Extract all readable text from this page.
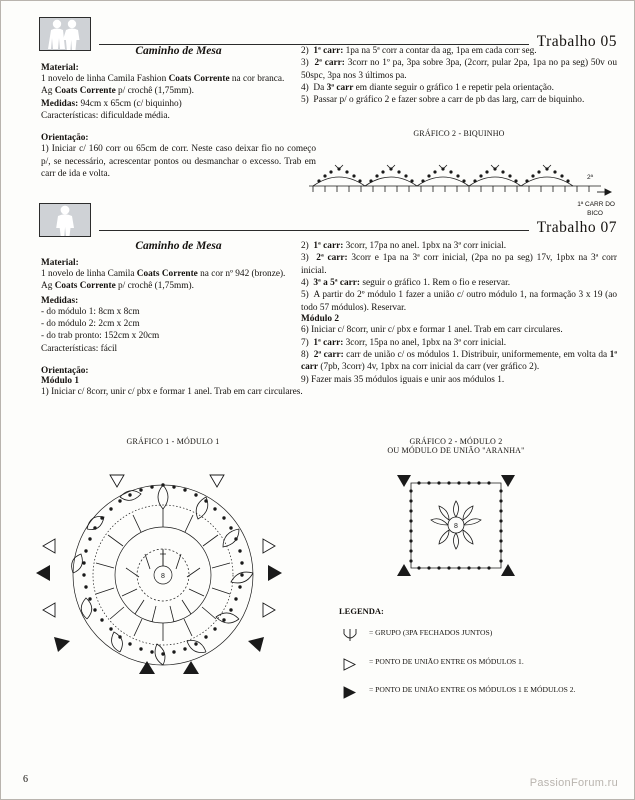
Trabalho 05
Caminho de Mesa
Material:
1 novelo de linha Camila Fashion Coats Corrente na cor branca.
Ag Coats Corrente p/ crochê (1,75mm).
Medidas: 94cm x 65cm (c/ biquinho)
Características: dificuldade média.
Orientação:
1) Iniciar c/ 160 corr ou 65cm de corr. Neste caso deixar fio no começo p/, se necessário, acrescentar pontos ou desmanchar o excesso. Trab em carr de ida e volta.
2)  1ª carr: 1pa na 5ª corr a contar da ag, 1pa em cada corr seg.
3)  2ª carr: 3corr no 1º pa, 3pa sobre 3pa, (2corr, pular 2pa, 1pa no pa seg) 50v ou 50spc, 3pa nos 3 últimos pa.
4)  Da 3ª carr em diante seguir o gráfico 1 e repetir pela orientação.
5)  Passar p/ o gráfico 2 e fazer sobre a carr de pb das larg, carr de biquinho.
GRÁFICO 2 - BIQUINHO
2ª
1ª CARR DO
BICO
Trabalho 07
Caminho de Mesa
Material:
1 novelo de linha Camila Coats Corrente na cor nº 942 (bronze).
Ag Coats Corrente p/ crochê (1,75mm).
Medidas:
- do módulo 1: 8cm x 8cm
- do módulo 2: 2cm x 2cm
- do trab pronto: 152cm x 20cm
Características: fácil
Orientação:
Módulo 1
1) Iniciar c/ 8corr, unir c/ pbx e formar 1 anel. Trab em carr circulares.
2)  1ª carr: 3corr, 17pa no anel. 1pbx na 3ª corr inicial.
3)  2ª carr: 3corr e 1pa na 3ª corr inicial, (2pa no pa seg) 17v, 1pbx na 3ª corr inicial.
4)  3ª a 5ª carr: seguir o gráfico 1. Rem o fio e reservar.
5)  A partir do 2º módulo 1 fazer a união c/ outro módulo 1, na formação 3 x 19 (ao todo 57 módulos). Reservar.
Módulo 2
6) Iniciar c/ 8corr, unir c/ pbx e formar 1 anel. Trab em carr circulares.
7)  1ª carr: 3corr, 15pa no anel, 1pbx na 3ª corr inicial.
8)  2ª carr: carr de união c/ os módulos 1. Distribuir, uniformemente, em volta da 1ª carr (7pb, 3corr) 4v, 1pbx na corr inicial da carr (ver gráfico 2).
9) Fazer mais 35 módulos iguais e unir aos módulos 1.
GRÁFICO 1 - MÓDULO 1
8
GRÁFICO 2 - MÓDULO 2
OU MÓDULO DE UNIÃO "ARANHA"
8
LEGENDA:
= GRUPO (3PA FECHADOS JUNTOS)
= PONTO DE UNIÃO ENTRE OS MÓDULOS 1.
= PONTO DE UNIÃO ENTRE OS MÓDULOS 1 E MÓDULOS 2.
6	PassionForum.ru
